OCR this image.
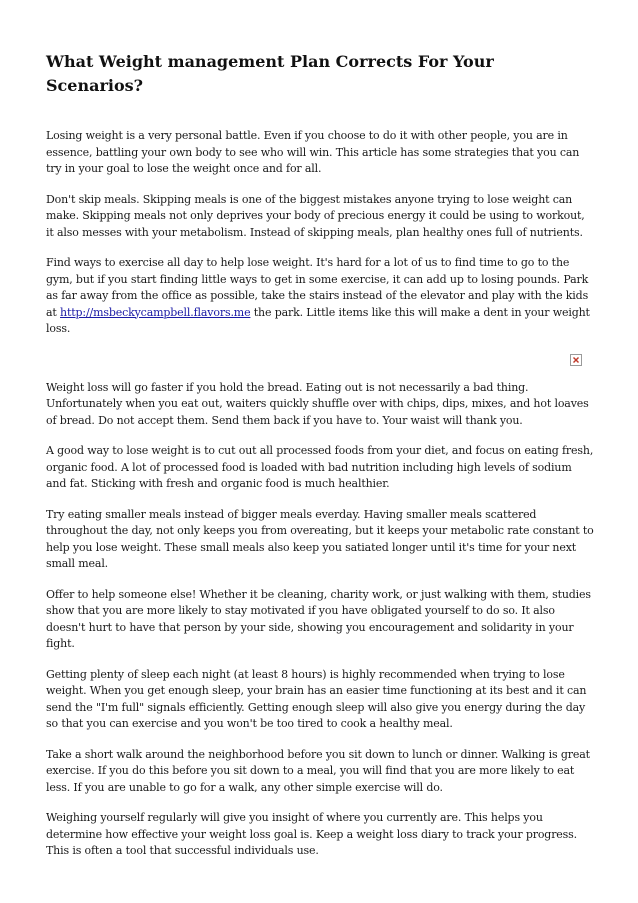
What Weight management Plan Corrects For Your Scenarios?

Losing weight is a very personal battle. Even if you choose to do it with other people, you are in essence, battling your own body to see who will win. This article has some strategies that you can try in your goal to lose the weight once and for all.

Don't skip meals. Skipping meals is one of the biggest mistakes anyone trying to lose weight can make. Skipping meals not only deprives your body of precious energy it could be using to workout, it also messes with your metabolism. Instead of skipping meals, plan healthy ones full of nutrients.

Find ways to exercise all day to help lose weight. It's hard for a lot of us to find time to go to the gym, but if you start finding little ways to get in some exercise, it can add up to losing pounds. Park as far away from the office as possible, take the stairs instead of the elevator and play with the kids at http://msbeckycampbell.flavors.me the park. Little items like this will make a dent in your weight loss.

Weight loss will go faster if you hold the bread. Eating out is not necessarily a bad thing. Unfortunately when you eat out, waiters quickly shuffle over with chips, dips, mixes, and hot loaves of bread. Do not accept them. Send them back if you have to. Your waist will thank you.

A good way to lose weight is to cut out all processed foods from your diet, and focus on eating fresh, organic food. A lot of processed food is loaded with bad nutrition including high levels of sodium and fat. Sticking with fresh and organic food is much healthier.

Try eating smaller meals instead of bigger meals everday. Having smaller meals scattered throughout the day, not only keeps you from overeating, but it keeps your metabolic rate constant to help you lose weight. These small meals also keep you satiated longer until it's time for your next small meal.

Offer to help someone else! Whether it be cleaning, charity work, or just walking with them, studies show that you are more likely to stay motivated if you have obligated yourself to do so. It also doesn't hurt to have that person by your side, showing you encouragement and solidarity in your fight.

Getting plenty of sleep each night (at least 8 hours) is highly recommended when trying to lose weight. When you get enough sleep, your brain has an easier time functioning at its best and it can send the "I'm full" signals efficiently. Getting enough sleep will also give you energy during the day so that you can exercise and you won't be too tired to cook a healthy meal.

Take a short walk around the neighborhood before you sit down to lunch or dinner. Walking is great exercise. If you do this before you sit down to a meal, you will find that you are more likely to eat less. If you are unable to go for a walk, any other simple exercise will do.

Weighing yourself regularly will give you insight of where you currently are. This helps you determine how effective your weight loss goal is. Keep a weight loss diary to track your progress. This is often a tool that successful individuals use.
